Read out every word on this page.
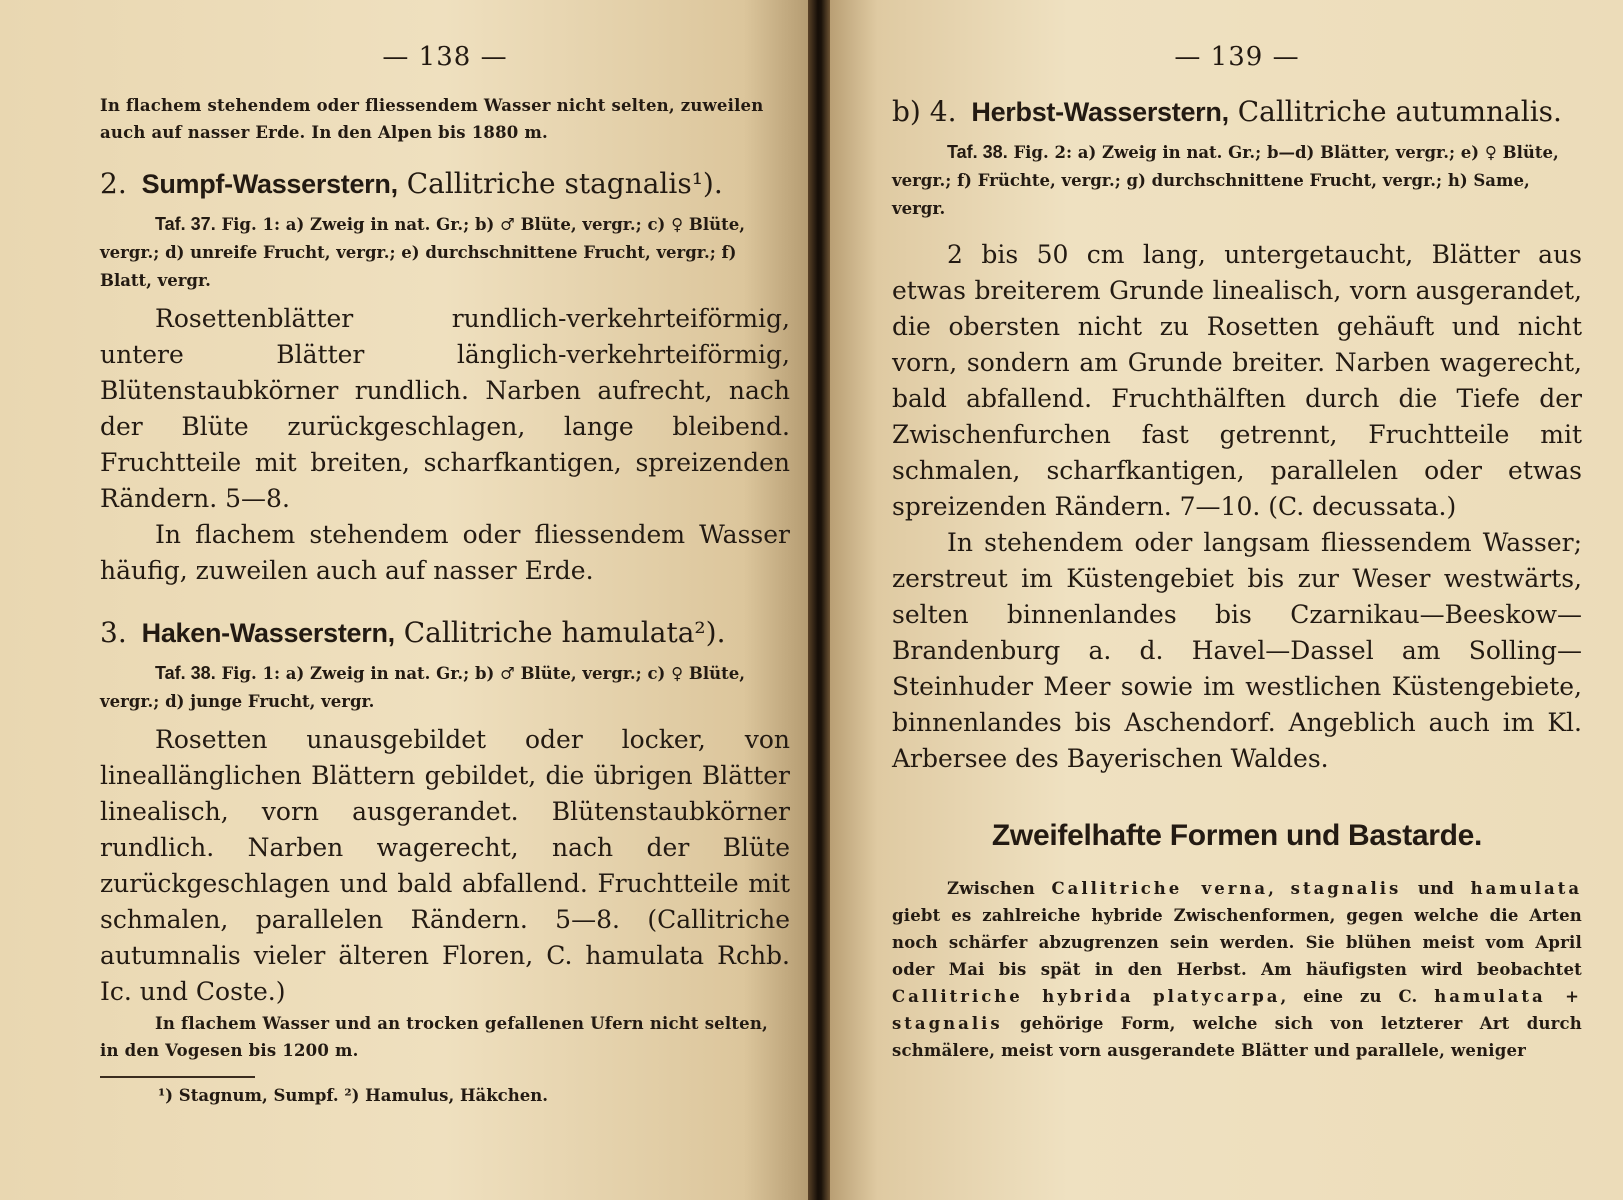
— 138 —

In flachem stehendem oder fliessendem Wasser nicht selten, zuweilen auch auf nasser Erde. In den Alpen bis 1880 m.

2. Sumpf-Wasserstern, Callitriche stagnalis¹).
Taf. 37. Fig. 1: a) Zweig in nat. Gr.; b) ♂ Blüte, vergr.; c) ♀ Blüte, vergr.; d) unreife Frucht, vergr.; e) durchschnittene Frucht, vergr.; f) Blatt, vergr.

Rosettenblätter rundlich-verkehrteiförmig, untere Blätter länglich-verkehrteiförmig, Blütenstaubkörner rundlich. Narben aufrecht, nach der Blüte zurückgeschlagen, lange bleibend. Fruchtteile mit breiten, scharfkantigen, spreizenden Rändern. 5—8.

In flachem stehendem oder fliessendem Wasser häufig, zuweilen auch auf nasser Erde.

3. Haken-Wasserstern, Callitriche hamulata²).
Taf. 38. Fig. 1: a) Zweig in nat. Gr.; b) ♂ Blüte, vergr.; c) ♀ Blüte, vergr.; d) junge Frucht, vergr.

Rosetten unausgebildet oder locker, von lineallänglichen Blättern gebildet, die übrigen Blätter linealisch, vorn ausgerandet. Blütenstaubkörner rundlich. Narben wagerecht, nach der Blüte zurückgeschlagen und bald abfallend. Fruchtteile mit schmalen, parallelen Rändern. 5—8. (Callitriche autumnalis vieler älteren Floren, C. hamulata Rchb. Ic. und Coste.)

In flachem Wasser und an trocken gefallenen Ufern nicht selten, in den Vogesen bis 1200 m.

¹) Stagnum, Sumpf. ²) Hamulus, Häkchen.
— 139 —
b) 4. Herbst-Wasserstern, Callitriche autumnalis.
Taf. 38. Fig. 2: a) Zweig in nat. Gr.; b—d) Blätter, vergr.; e) ♀ Blüte, vergr.; f) Früchte, vergr.; g) durchschnittene Frucht, vergr.; h) Same, vergr.

2 bis 50 cm lang, untergetaucht, Blätter aus etwas breiterem Grunde linealisch, vorn ausgerandet, die obersten nicht zu Rosetten gehäuft und nicht vorn, sondern am Grunde breiter. Narben wagerecht, bald abfallend. Fruchthälften durch die Tiefe der Zwischenfurchen fast getrennt, Fruchtteile mit schmalen, scharfkantigen, parallelen oder etwas spreizenden Rändern. 7—10. (C. decussata.)

In stehendem oder langsam fliessendem Wasser; zerstreut im Küstengebiet bis zur Weser westwärts, selten binnenlandes bis Czarnikau—Beeskow—Brandenburg a. d. Havel—Dassel am Solling—Steinhuder Meer sowie im westlichen Küstengebiete, binnenlandes bis Aschendorf. Angeblich auch im Kl. Arbersee des Bayerischen Waldes.

Zweifelhafte Formen und Bastarde.

Zwischen Callitriche verna, stagnalis und hamulata giebt es zahlreiche hybride Zwischenformen, gegen welche die Arten noch schärfer abzugrenzen sein werden. Sie blühen meist vom April oder Mai bis spät in den Herbst. Am häufigsten wird beobachtet Callitriche hybrida platycarpa, eine zu C. hamulata + stagnalis gehörige Form, welche sich von letzterer Art durch schmälere, meist vorn ausgerandete Blätter und parallele, weniger
